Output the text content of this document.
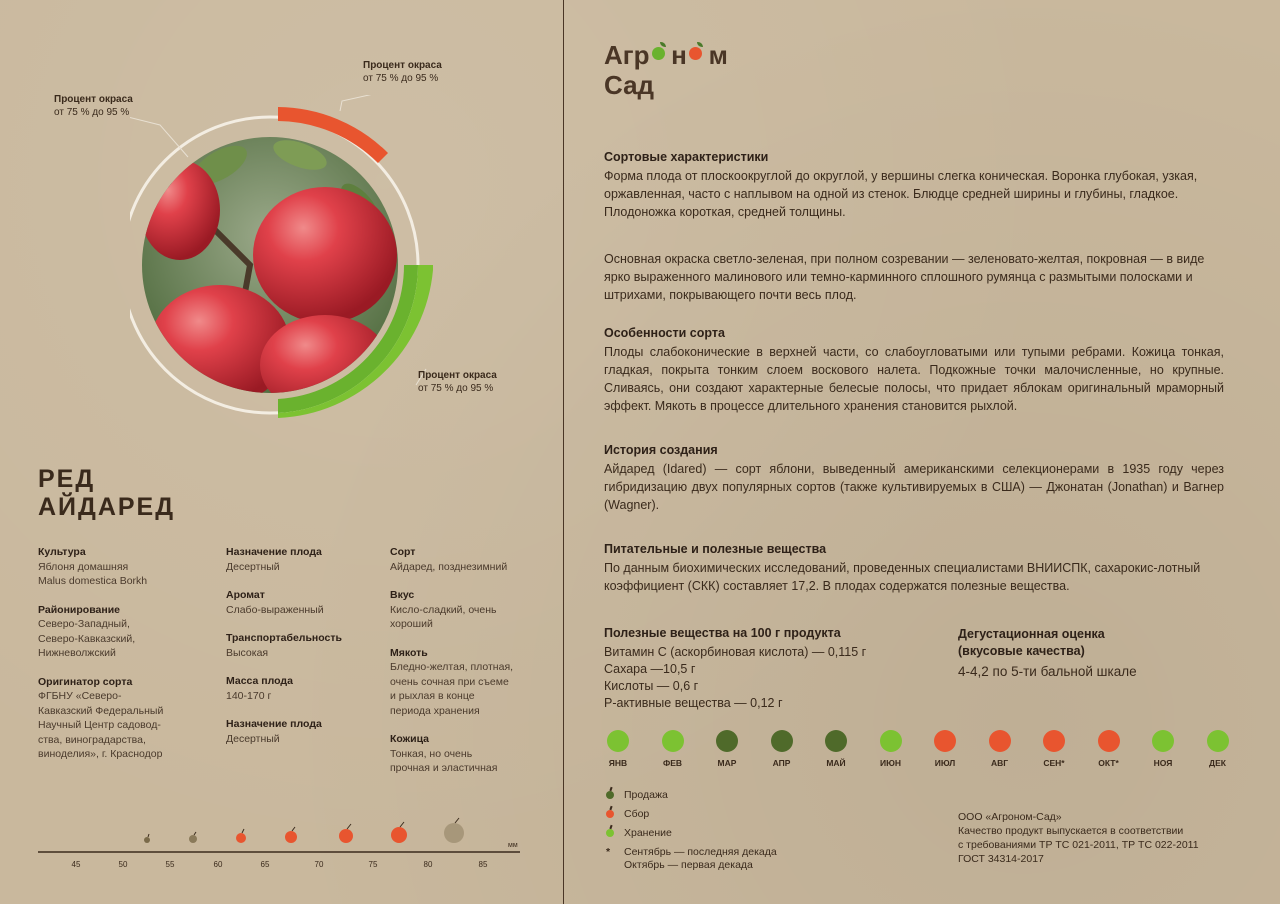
Процент окраса
от 75 % до 95 %
Процент окраса
от 75 % до 95 %
Процент окраса
от 75 % до 95 %
РЕД
АЙДАРЕД
Культура
Яблоня домашняя
Malus domestica Borkh
Районирование
Северо-Западный,
Северо-Кавказский,
Нижневолжский
Оригинатор сорта
ФГБНУ «Северо-
Кавказский Федеральный
Научный Центр садовод-
ства, виноградарства,
виноделия», г. Краснодор
Назначение плода
Десертный
Аромат
Слабо-выраженный
Транспортабельность
Высокая
Масса плода
140-170 г
Назначение плода
Десертный
Сорт
Айдаред, позднезимний
Вкус
Кисло-сладкий, очень
хороший
Мякоть
Бледно-желтая, плотная,
очень сочная при съеме
и рыхлая в конце
периода хранения
Кожица
Тонкая, но очень
прочная и эластичная
мм
45	50	55	60	65	70	75	80	85
Агр н м
Сад
Сортовые характеристики

Форма плода от плоскоокруглой до округлой, у вершины слегка коническая. Воронка глубокая, узкая, оржавленная, часто с наплывом на одной из стенок. Блюдце средней ширины и глубины, гладкое. Плодоножка короткая, средней толщины.

Основная окраска светло-зеленая, при полном созревании — зеленовато-желтая, покровная — в виде ярко выраженного малинового или темно-карминного сплошного румянца с размытыми полосками и штрихами, покрывающего почти весь плод.

Особенности сорта

Плоды слабоконические в верхней части, со слабоугловатыми или тупыми ребрами. Кожица тонкая, гладкая, покрыта тонким слоем воскового налета. Подкожные точки малочисленные, но крупные. Сливаясь, они создают характерные белесые полосы, что придает яблокам оригинальный мраморный эффект. Мякоть в процессе длительного хранения становится рыхлой.

История создания

Айдаред (Idared) — сорт яблони, выведенный американскими селекционерами в 1935 году через гибридизацию двух популярных сортов (также культивируемых в США) — Джонатан (Jonathan) и Вагнер (Wagner).

Питательные и полезные вещества

По данным биохимических исследований, проведенных специалистами ВНИИСПК, сахарокис-лотный коэффициент (СКК) составляет 17,2. В плодах содержатся полезные вещества.

Полезные вещества на 100 г продукта
Витамин С (аскорбиновая кислота) — 0,115 г
Сахара —10,5 г
Кислоты — 0,6 г
Р-активные вещества — 0,12 г
Дегустационная оценка
(вкусовые качества)
4-4,2 по 5-ти бальной шкале
ЯНВ	ФЕВ	МАР	АПР	МАЙ	ИЮН	ИЮЛ	АВГ	СЕН*	ОКТ*	НОЯ	ДЕК
Продажа
Сбор
Хранение
* Сентябрь — последняя декада
Октябрь — первая декада
ООО «Агроном-Сад»
Качество продукт выпускается в соответствии
с требованиями ТР ТС 021-2011, ТР ТС 022-2011
ГОСТ 34314-2017
